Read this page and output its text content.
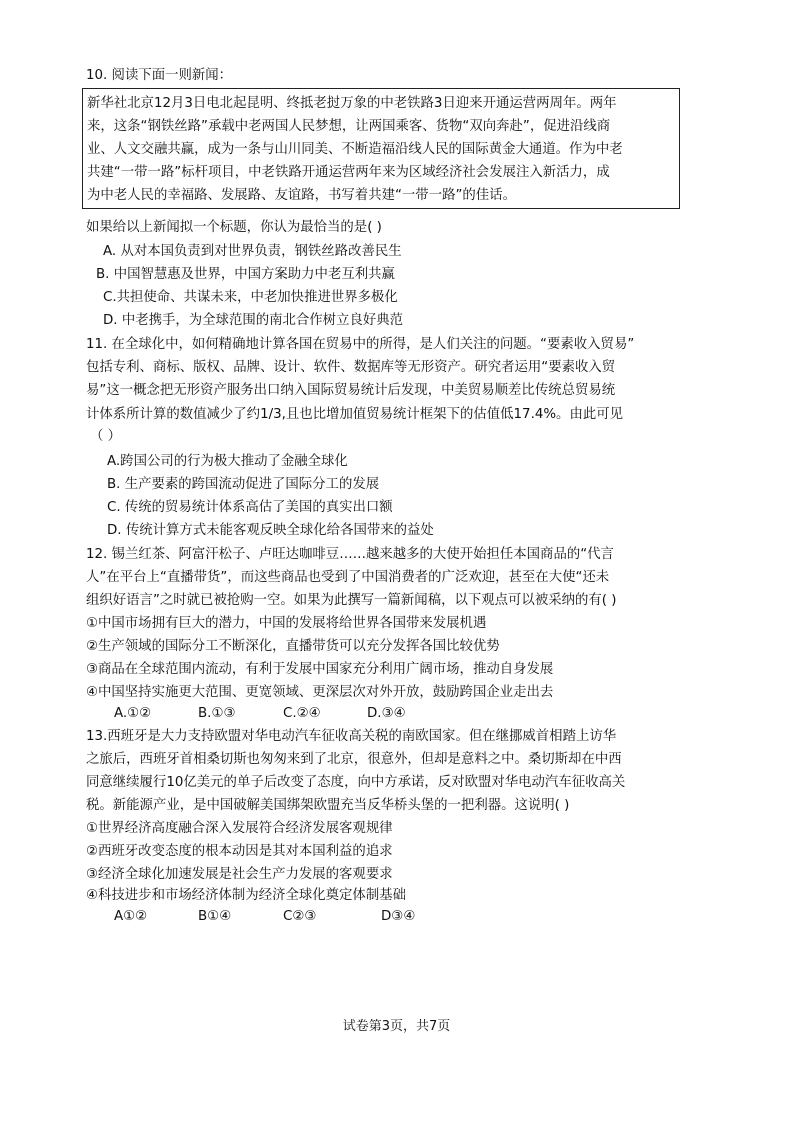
10. 阅读下面一则新闻：
新华社北京12月3日电北起昆明、终抵老挝万象的中老铁路3日迎来开通运营两周年。两年
来，这条“钢铁丝路”承载中老两国人民梦想，让两国乘客、货物“双向奔赴”，促进沿线商
业、人文交融共赢，成为一条与山川同美、不断造福沿线人民的国际黄金大通道。作为中老
共建“一带一路”标杆项目，中老铁路开通运营两年来为区域经济社会发展注入新活力，成
为中老人民的幸福路、发展路、友谊路，书写着共建“一带一路”的佳话。
如果给以上新闻拟一个标题，你认为最恰当的是( )
A. 从对本国负责到对世界负责，钢铁丝路改善民生
B. 中国智慧惠及世界，中国方案助力中老互利共赢
C.共担使命、共谋未来，中老加快推进世界多极化
D. 中老携手，为全球范围的南北合作树立良好典范
11. 在全球化中，如何精确地计算各国在贸易中的所得，是人们关注的问题。“要素收入贸易”
包括专利、商标、版权、品牌、设计、软件、数据库等无形资产。研究者运用“要素收入贸
易”这一概念把无形资产服务出口纳入国际贸易统计后发现，中美贸易顺差比传统总贸易统
计体系所计算的数值减少了约1/3,且也比增加值贸易统计框架下的估值低17.4%。由此可见
（ ）
A.跨国公司的行为极大推动了金融全球化
B. 生产要素的跨国流动促进了国际分工的发展
C. 传统的贸易统计体系高估了美国的真实出口额
D. 传统计算方式未能客观反映全球化给各国带来的益处
12. 锡兰红茶、阿富汗松子、卢旺达咖啡豆……越来越多的大使开始担任本国商品的“代言
人”在平台上“直播带货”，而这些商品也受到了中国消费者的广泛欢迎，甚至在大使“还未
组织好语言”之时就已被抢购一空。如果为此撰写一篇新闻稿，以下观点可以被采纳的有( )
①中国市场拥有巨大的潜力，中国的发展将给世界各国带来发展机遇
②生产领域的国际分工不断深化，直播带货可以充分发挥各国比较优势
③商品在全球范围内流动，有利于发展中国家充分利用广阔市场，推动自身发展
④中国坚持实施更大范围、更宽领域、更深层次对外开放，鼓励跨国企业走出去
A.①②	B.①③	C.②④	D.③④
13.西班牙是大力支持欧盟对华电动汽车征收高关税的南欧国家。但在继挪威首相踏上访华
之旅后，西班牙首相桑切斯也匆匆来到了北京，很意外，但却是意料之中。桑切斯却在中西
同意继续履行10亿美元的单子后改变了态度，向中方承诺，反对欧盟对华电动汽车征收高关
税。新能源产业，是中国破解美国绑架欧盟充当反华桥头堡的一把利器。这说明( )
①世界经济高度融合深入发展符合经济发展客观规律
②西班牙改变态度的根本动因是其对本国利益的追求
③经济全球化加速发展是社会生产力发展的客观要求
④科技进步和市场经济体制为经济全球化奠定体制基础
A①②	B①④	C②③	D③④
试卷第3页，共7页
